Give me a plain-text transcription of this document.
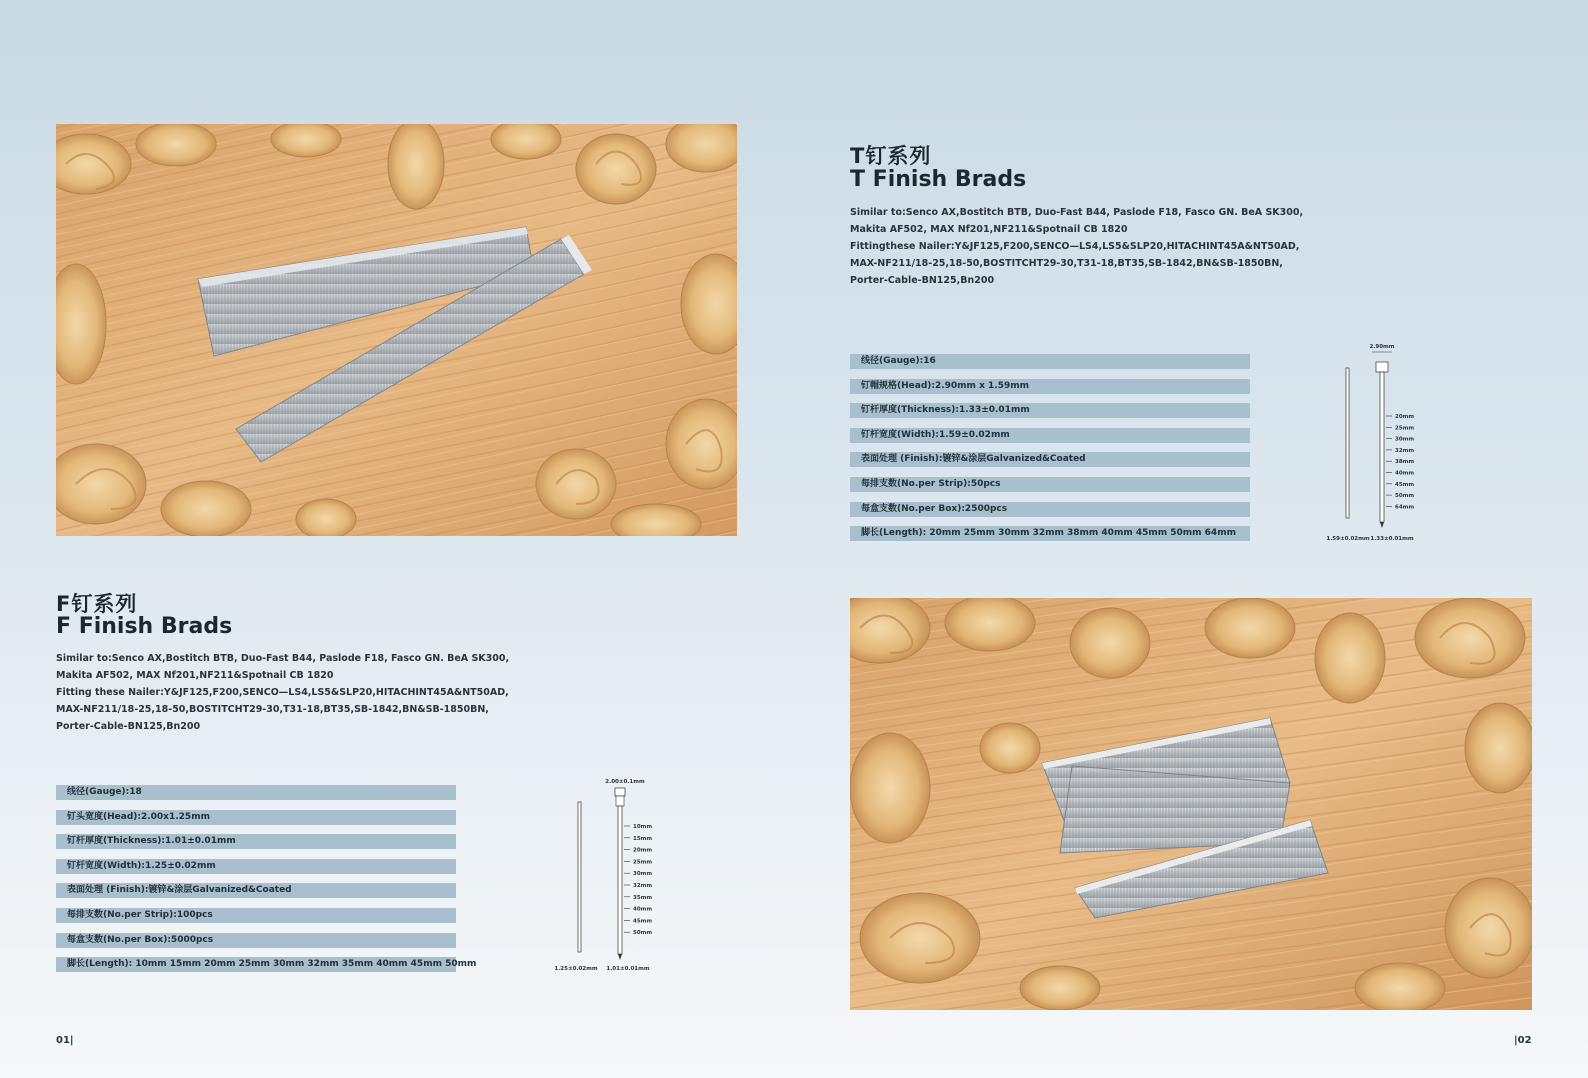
T钉系列
T Finish Brads
Similar to:Senco AX,Bostitch BTB, Duo-Fast B44, Paslode F18, Fasco GN. BeA SK300,
Makita AF502, MAX Nf201,NF211&Spotnail CB 1820
Fittingthese Nailer:Y&JF125,F200,SENCO—LS4,LS5&SLP20,HITACHINT45A&NT50AD,
MAX-NF211/18-25,18-50,BOSTITCHT29-30,T31-18,BT35,SB-1842,BN&SB-1850BN,
Porter-Cable-BN125,Bn200
线径(Gauge):16
钉帽规格(Head):2.90mm x 1.59mm
钉杆厚度(Thickness):1.33±0.01mm
钉杆宽度(Width):1.59±0.02mm
表面处理 (Finish):镀锌&涂层Galvanized&Coated
每排支数(No.per Strip):50pcs
每盒支数(No.per Box):2500pcs
脚长(Length): 20mm 25mm 30mm 32mm 38mm 40mm 45mm 50mm 64mm
2.90mm
20mm
25mm
30mm
32mm
38mm
40mm
45mm
50mm
64mm
1.59±0.02mm 1.33±0.01mm
F钉系列
F Finish Brads
Similar to:Senco AX,Bostitch BTB, Duo-Fast B44, Paslode F18, Fasco GN. BeA SK300,
Makita AF502, MAX Nf201,NF211&Spotnail CB 1820
Fitting these Nailer:Y&JF125,F200,SENCO—LS4,LS5&SLP20,HITACHINT45A&NT50AD,
MAX-NF211/18-25,18-50,BOSTITCHT29-30,T31-18,BT35,SB-1842,BN&SB-1850BN,
Porter-Cable-BN125,Bn200
线径(Gauge):18
钉头宽度(Head):2.00x1.25mm
钉杆厚度(Thickness):1.01±0.01mm
钉杆宽度(Width):1.25±0.02mm
表面处理 (Finish):镀锌&涂层Galvanized&Coated
每排支数(No.per Strip):100pcs
每盒支数(No.per Box):5000pcs
脚长(Length): 10mm 15mm 20mm 25mm 30mm 32mm 35mm 40mm 45mm 50mm
2.00±0.1mm
10mm
15mm
20mm
25mm
30mm
32mm
35mm
40mm
45mm
50mm
1.25±0.02mm 1.01±0.01mm
01|	|02
